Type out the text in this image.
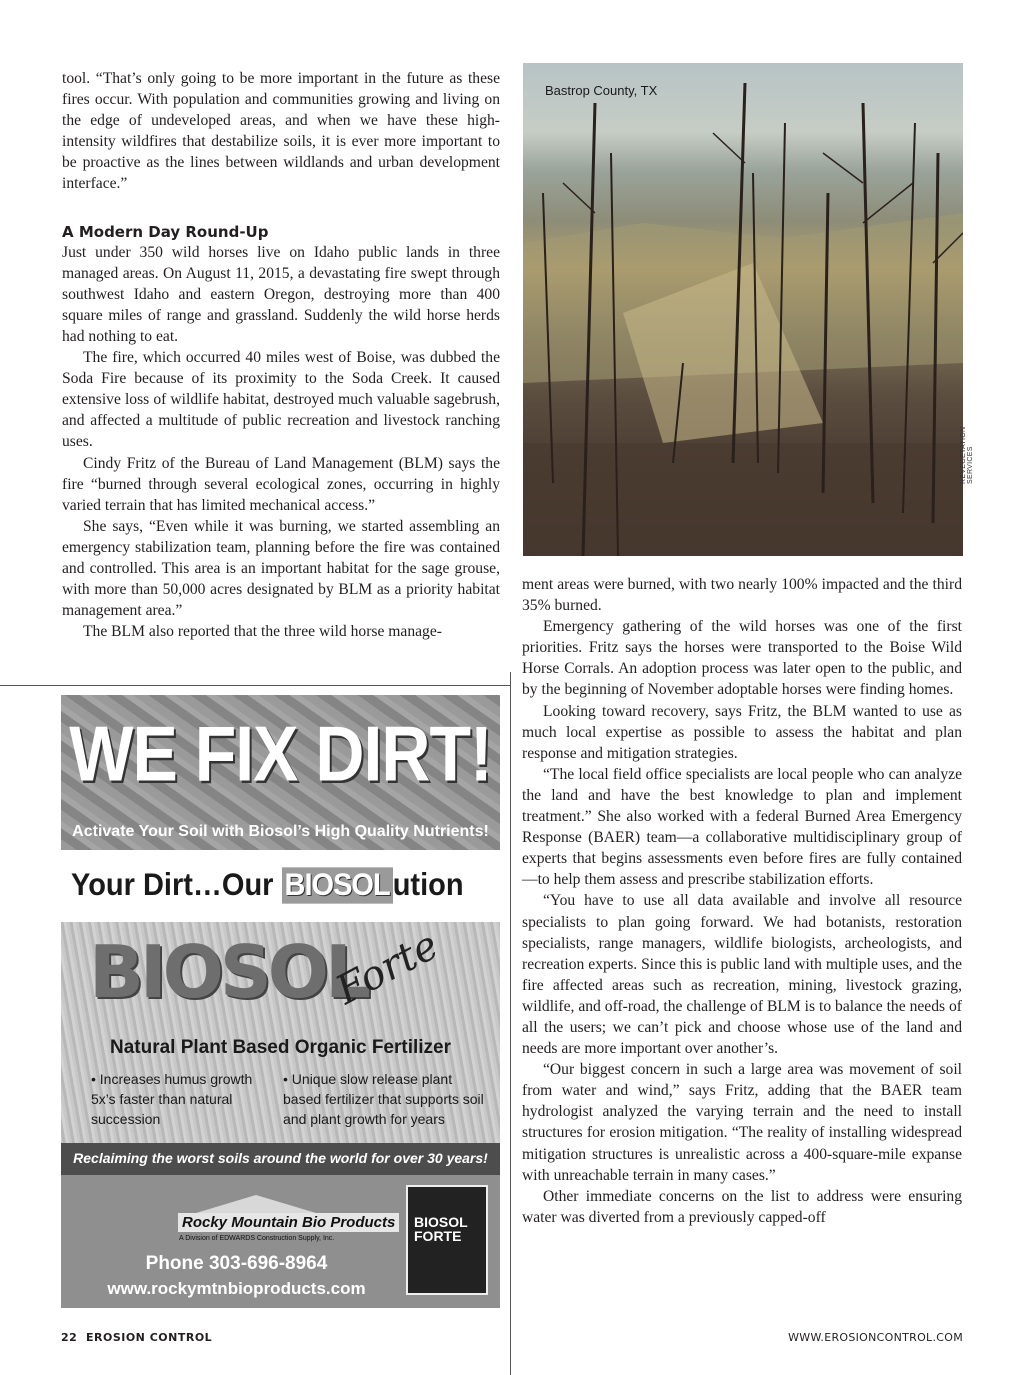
tool. “That’s only going to be more important in the future as these fires occur. With population and communities growing and living on the edge of undeveloped areas, and when we have these high-intensity wildfires that destabilize soils, it is ever more important to be proactive as the lines between wildlands and urban development interface.”

A Modern Day Round-Up

Just under 350 wild horses live on Idaho public lands in three managed areas. On August 11, 2015, a devastating fire swept through southwest Idaho and eastern Oregon, destroying more than 400 square miles of range and grassland. Suddenly the wild horse herds had nothing to eat.

The fire, which occurred 40 miles west of Boise, was dubbed the Soda Fire because of its proximity to the Soda Creek. It caused extensive loss of wildlife habitat, destroyed much valuable sagebrush, and affected a multitude of public recreation and livestock ranching uses.

Cindy Fritz of the Bureau of Land Management (BLM) says the fire “burned through several ecological zones, occurring in highly varied terrain that has limited mechanical access.”

She says, “Even while it was burning, we started assembling an emergency stabilization team, planning before the fire was contained and controlled. This area is an important habitat for the sage grouse, with more than 50,000 acres designated by BLM as a priority habitat management area.”

The BLM also reported that the three wild horse manage-

Bastrop County, TX
REVEGETATION SERVICES

ment areas were burned, with two nearly 100% impacted and the third 35% burned.

Emergency gathering of the wild horses was one of the first priorities. Fritz says the horses were transported to the Boise Wild Horse Corrals. An adoption process was later open to the public, and by the beginning of November adoptable horses were finding homes.

Looking toward recovery, says Fritz, the BLM wanted to use as much local expertise as possible to assess the habitat and plan response and mitigation strategies.

“The local field office specialists are local people who can analyze the land and have the best knowledge to plan and implement treatment.” She also worked with a federal Burned Area Emergency Response (BAER) team—a collaborative multidisciplinary group of experts that begins assessments even before fires are fully contained—to help them assess and prescribe stabilization efforts.

“You have to use all data available and involve all resource specialists to plan going forward. We had botanists, restoration specialists, range managers, wildlife biologists, archeologists, and recreation experts. Since this is public land with multiple uses, and the fire affected areas such as recreation, mining, livestock grazing, wildlife, and off-road, the challenge of BLM is to balance the needs of all the users; we can’t pick and choose whose use of the land and needs are more important over another’s.

“Our biggest concern in such a large area was movement of soil from water and wind,” says Fritz, adding that the BAER team hydrologist analyzed the varying terrain and the need to install structures for erosion mitigation. “The reality of installing widespread mitigation structures is unrealistic across a 400-square-mile expanse with unreachable terrain in many cases.”

Other immediate concerns on the list to address were ensuring water was diverted from a previously capped-off

WE FIX DIRT!
Activate Your Soil with Biosol’s High Quality Nutrients!
Your Dirt…Our BIOSOL ution
BIOSOL
Forte
Natural Plant Based Organic Fertilizer
• Increases humus growth 5x’s faster than natural succession
• Unique slow release plant based fertilizer that supports soil and plant growth for years
Reclaiming the worst soils around the world for over 30 years!
Rocky Mountain Bio Products
A Division of EDWARDS Construction Supply, Inc.
Phone 303-696-8964
www.rockymtnbioproducts.com
BIOSOL
FORTE
22 EROSION CONTROL	WWW.EROSIONCONTROL.COM
